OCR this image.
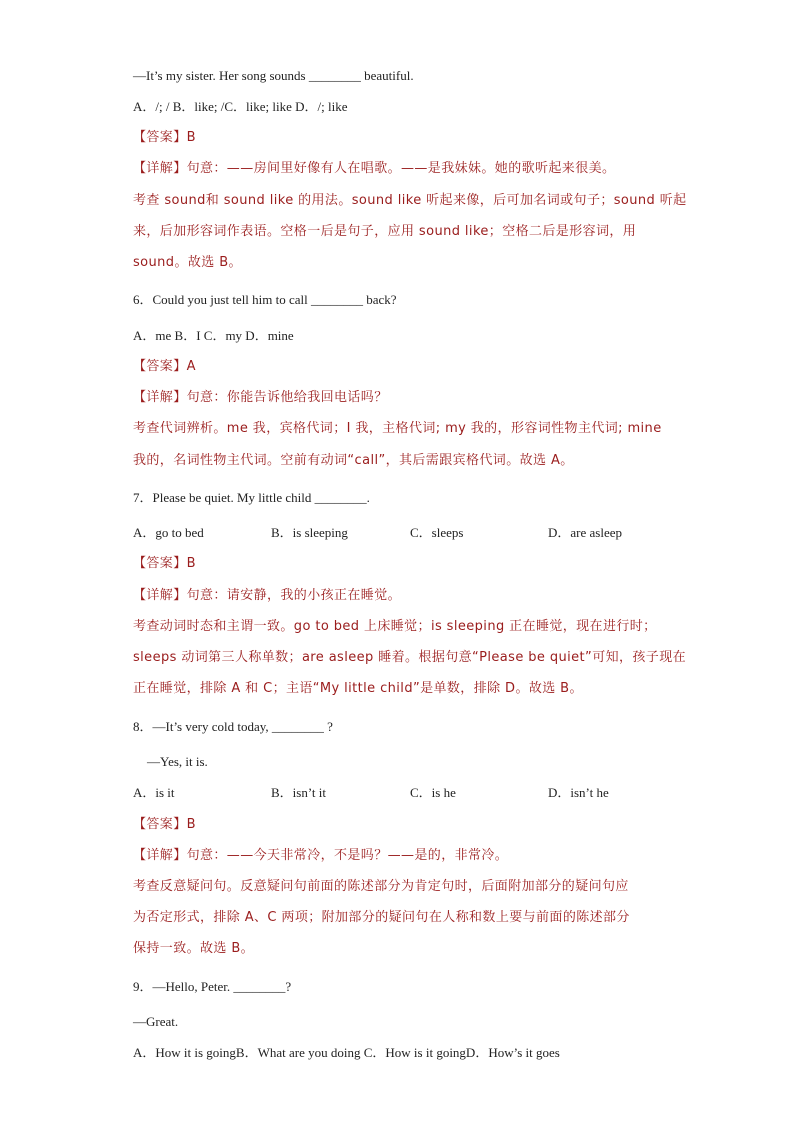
—It’s my sister. Her song sounds ________ beautiful.
A．/; / B．like; /C．like; like D．/; like
【答案】B
【详解】句意：——房间里好像有人在唱歌。——是我妹妹。她的歌听起来很美。
考查 sound和 sound like 的用法。sound like 听起来像，后可加名词或句子；sound 听起
来，后加形容词作表语。空格一后是句子，应用 sound like；空格二后是形容词，用
sound。故选 B。
6．Could you just tell him to call ________ back?
A．me B．I C．my D．mine
【答案】A
【详解】句意：你能告诉他给我回电话吗？
考查代词辨析。me 我，宾格代词；I 我，主格代词; my 我的，形容词性物主代词; mine
我的，名词性物主代词。空前有动词“call”，其后需跟宾格代词。故选 A。
7．Please be quiet. My little child ________.
A．go to bed	B．is sleeping	C．sleeps	D．are asleep
【答案】B
【详解】句意：请安静，我的小孩正在睡觉。
考查动词时态和主谓一致。go to bed 上床睡觉；is sleeping 正在睡觉，现在进行时；
sleeps 动词第三人称单数；are asleep 睡着。根据句意“Please be quiet”可知，孩子现在
正在睡觉，排除 A 和 C；主语“My little child”是单数，排除 D。故选 B。
8．—It’s very cold today, ________ ?
—Yes, it is.
A．is it	B．isn’t it	C．is he	D．isn’t he
【答案】B
【详解】句意：——今天非常冷，不是吗？——是的，非常冷。
考查反意疑问句。反意疑问句前面的陈述部分为肯定句时，后面附加部分的疑问句应
为否定形式，排除 A、C 两项；附加部分的疑问句在人称和数上要与前面的陈述部分
保持一致。故选 B。
9．—Hello, Peter. ________?
—Great.
A．How it is goingB．What are you doing C．How is it goingD．How’s it goes
